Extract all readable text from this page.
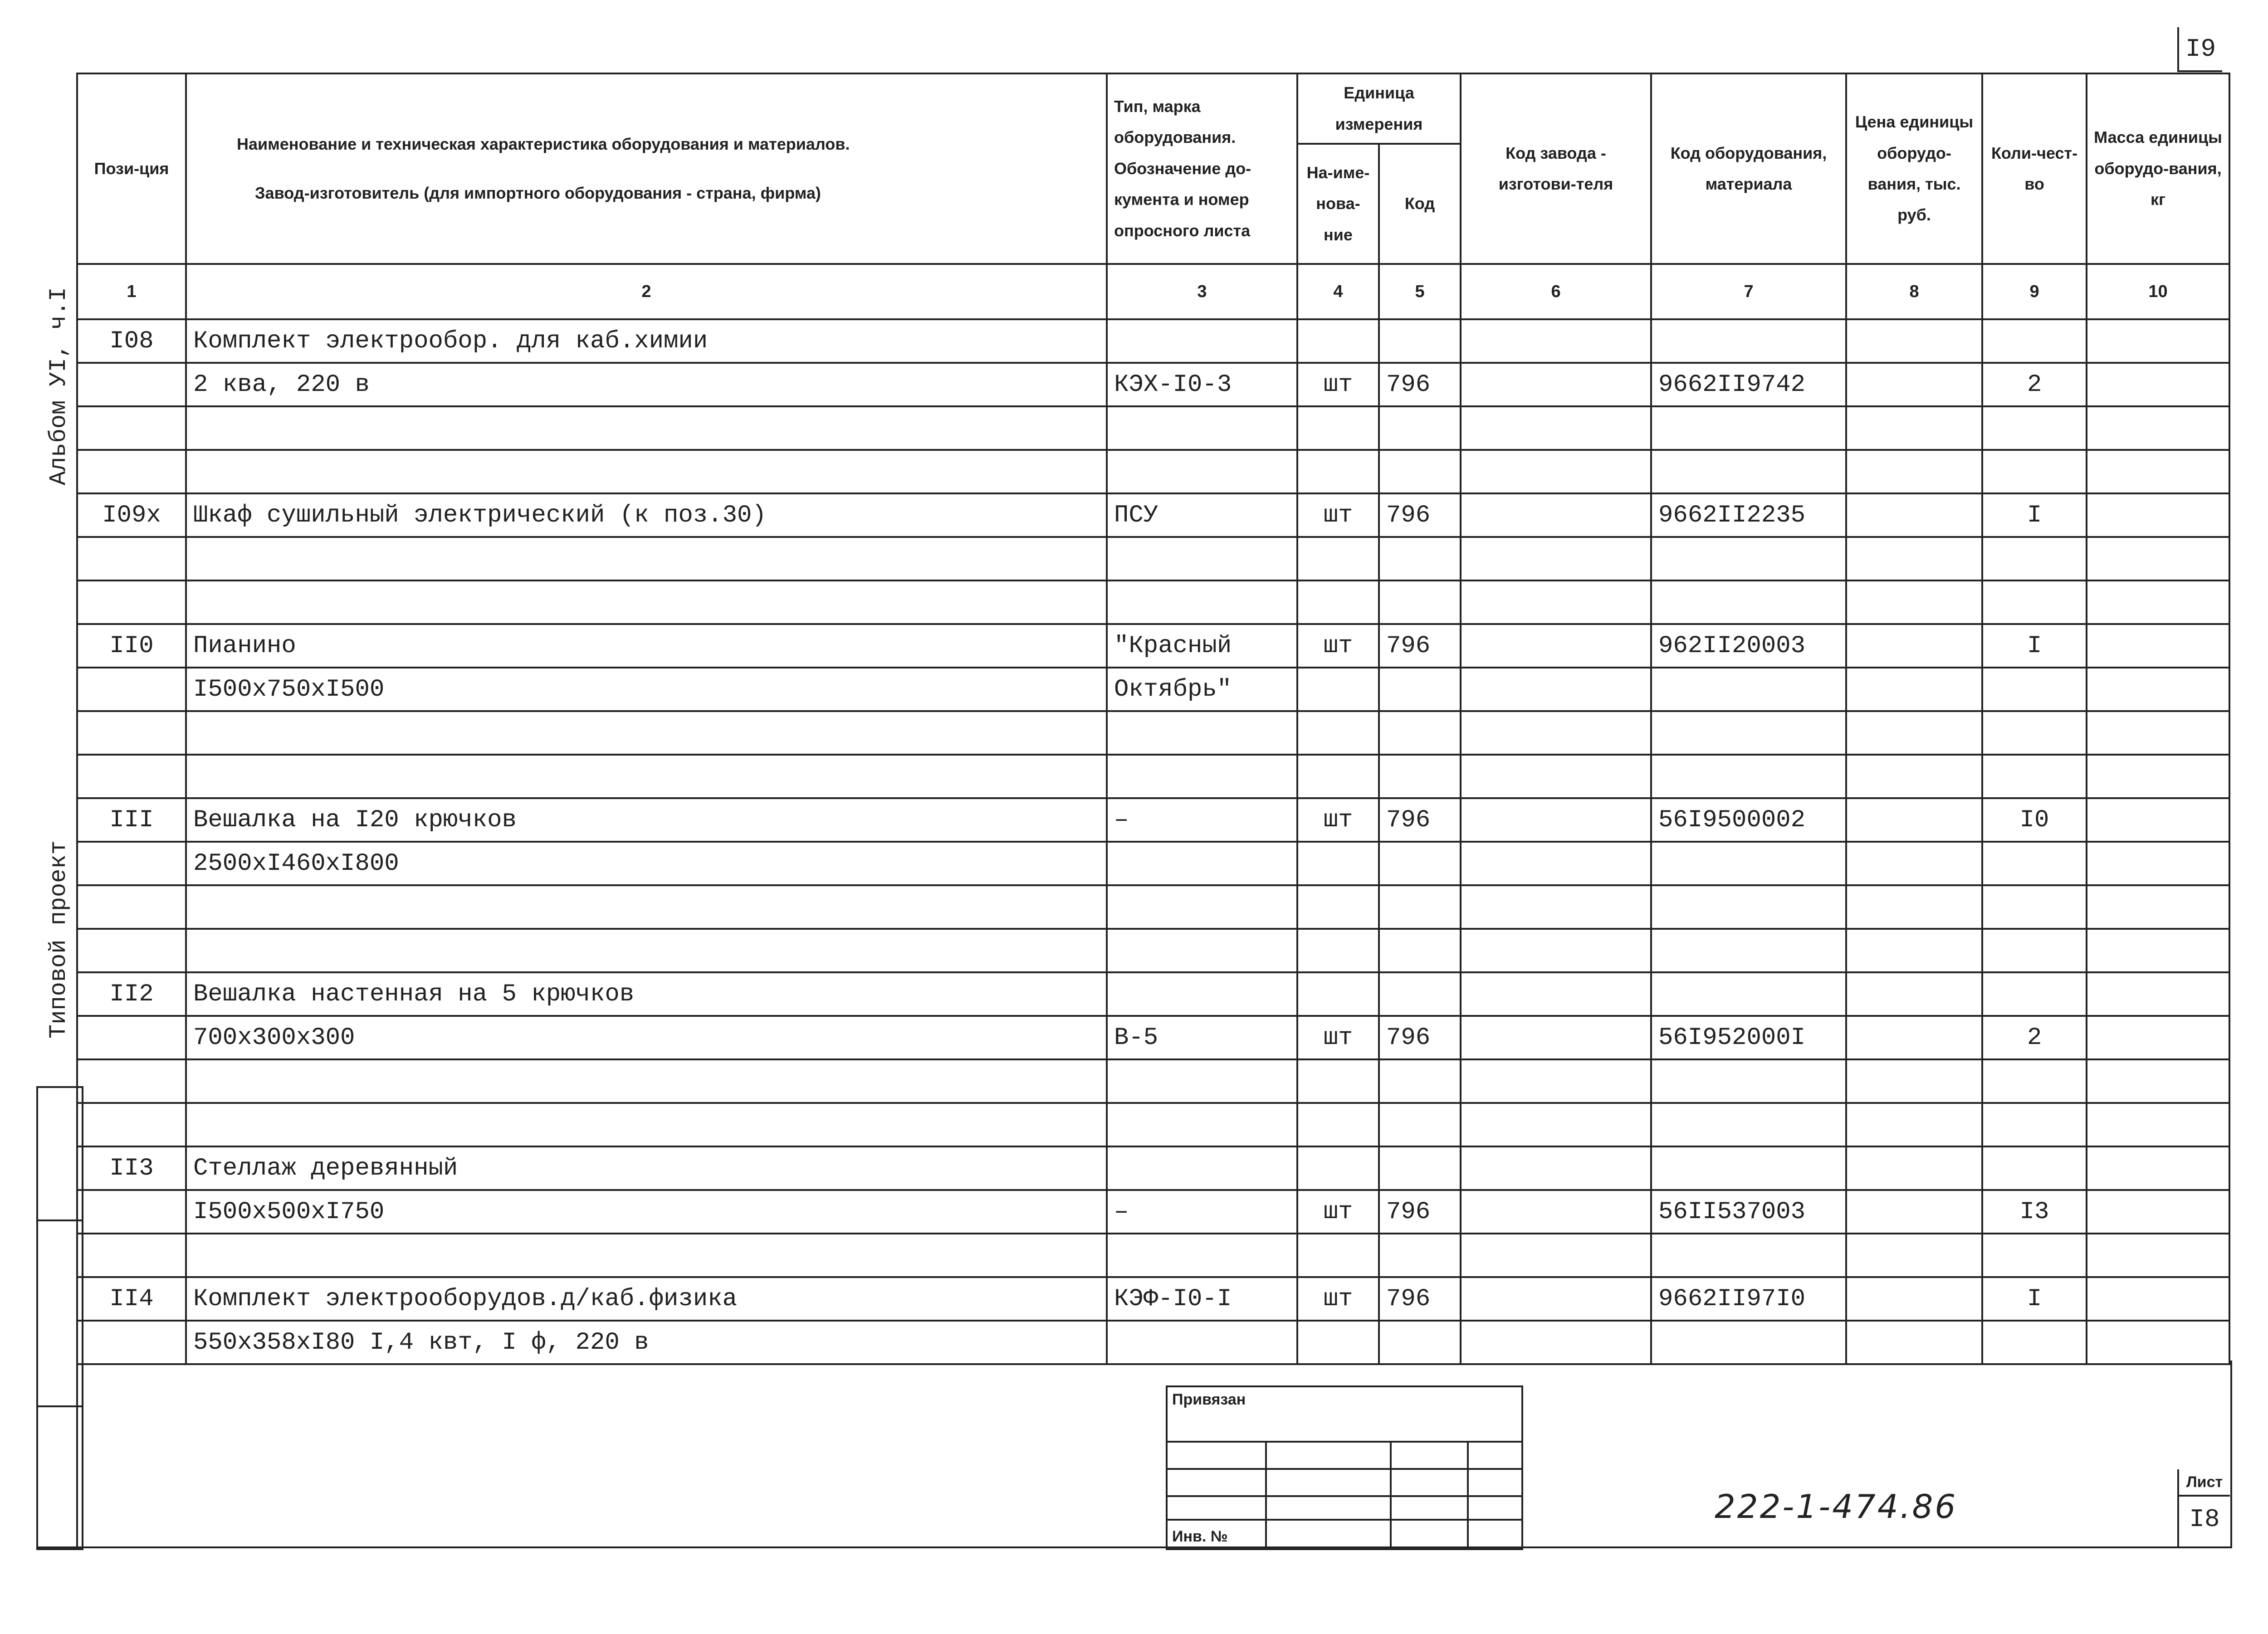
I9
Альбом УI, ч.I
Типовой проект
Пози-ция	Наименование и техническая характеристика оборудования и материалов.
Завод-изготовитель (для импортного оборудования - страна, фирма)	Тип, марка оборудования. Обозначение до-кумента и номер опросного листа	Единица измерения		Код завода - изготови-теля	Код оборудования, материала	Цена единицы оборудо-вания, тыс. руб.	Коли-чест-во	Масса единицы оборудо-вания, кг
			На-име-нова-ние	Код					
1	2	3	4	5	6	7	8	9	10
I08	Комплект электрообор. для каб.химии								
	2 ква, 220 в	КЭХ-I0-3	шт	796		9662II9742		2	

I09x	Шкаф сушильный электрический (к поз.30)	ПСУ	шт	796		9662II2235		I	

II0	Пианино	"Красный	шт	796		962II20003		I	
	I500x750xI500	Октябрь"							

III	Вешалка на I20 крючков	–	шт	796		56I9500002		I0	
	2500xI460xI800								

II2	Вешалка настенная на 5 крючков								
	700x300x300	В-5	шт	796		56I952000I		2	

II3	Стеллаж деревянный								
	I500x500xI750	–	шт	796		56II537003		I3	

II4	Комплект электрооборудов.д/каб.физика	КЭФ-I0-I	шт	796		9662II97I0		I	
	550x358xI80 I,4 квт, I ф, 220 в								
Привязан
Инв. №
222-1-474.86
Лист
I8
